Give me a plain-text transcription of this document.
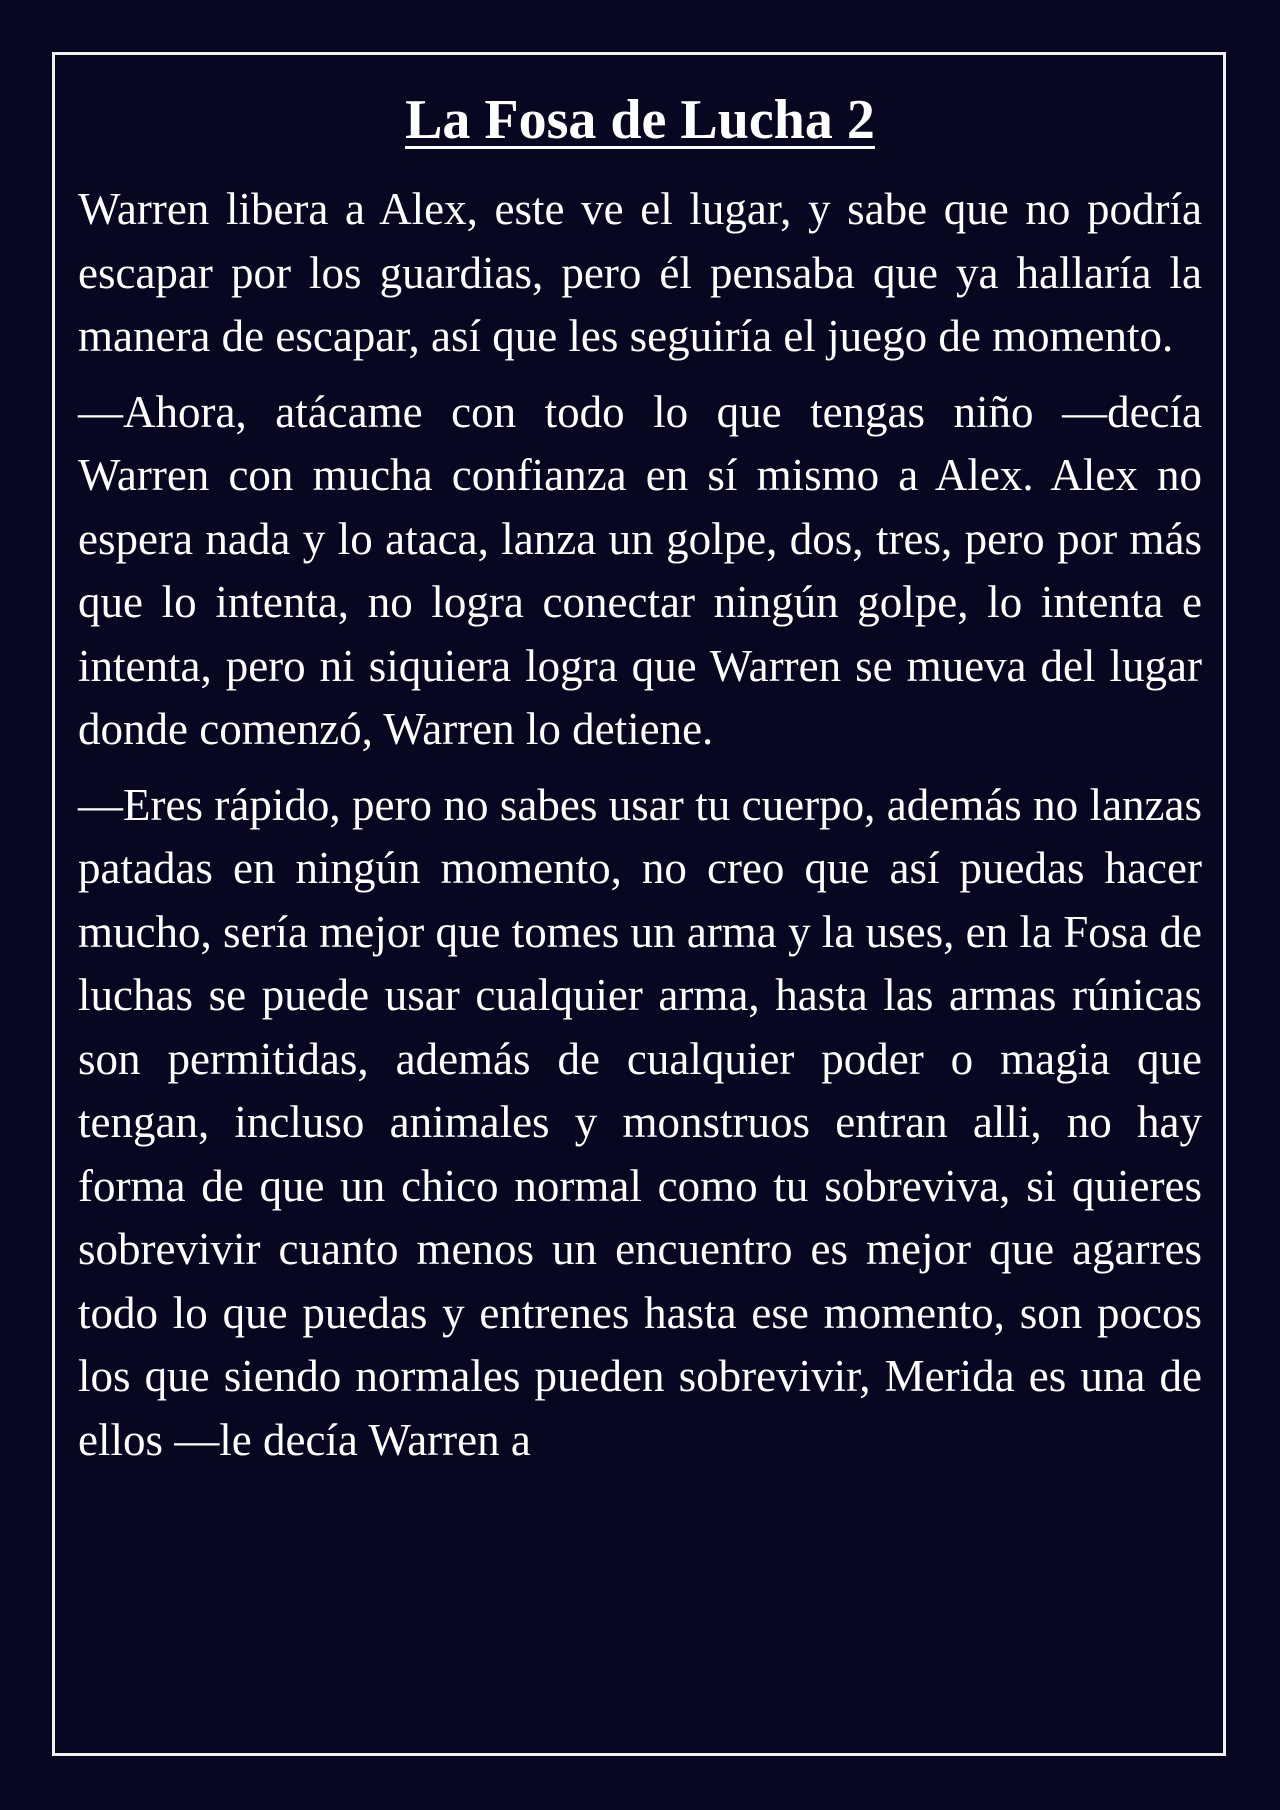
La Fosa de Lucha 2

Warren libera a Alex, este ve el lugar, y sabe que no podría escapar por los guardias, pero él pensaba que ya hallaría la manera de escapar, así que les seguiría el juego de momento.

—Ahora, atácame con todo lo que tengas niño —decía Warren con mucha confianza en sí mismo a Alex. Alex no espera nada y lo ataca, lanza un golpe, dos, tres, pero por más que lo intenta, no logra conectar ningún golpe, lo intenta e intenta, pero ni siquiera logra que Warren se mueva del lugar donde comenzó, Warren lo detiene.

—Eres rápido, pero no sabes usar tu cuerpo, además no lanzas patadas en ningún momento, no creo que así puedas hacer mucho, sería mejor que tomes un arma y la uses, en la Fosa de luchas se puede usar cualquier arma, hasta las armas rúnicas son permitidas, además de cualquier poder o magia que tengan, incluso animales y monstruos entran alli, no hay forma de que un chico normal como tu sobreviva, si quieres sobrevivir cuanto menos un encuentro es mejor que agarres todo lo que puedas y entrenes hasta ese momento, son pocos los que siendo normales pueden sobrevivir, Merida es una de ellos —le decía Warren a
